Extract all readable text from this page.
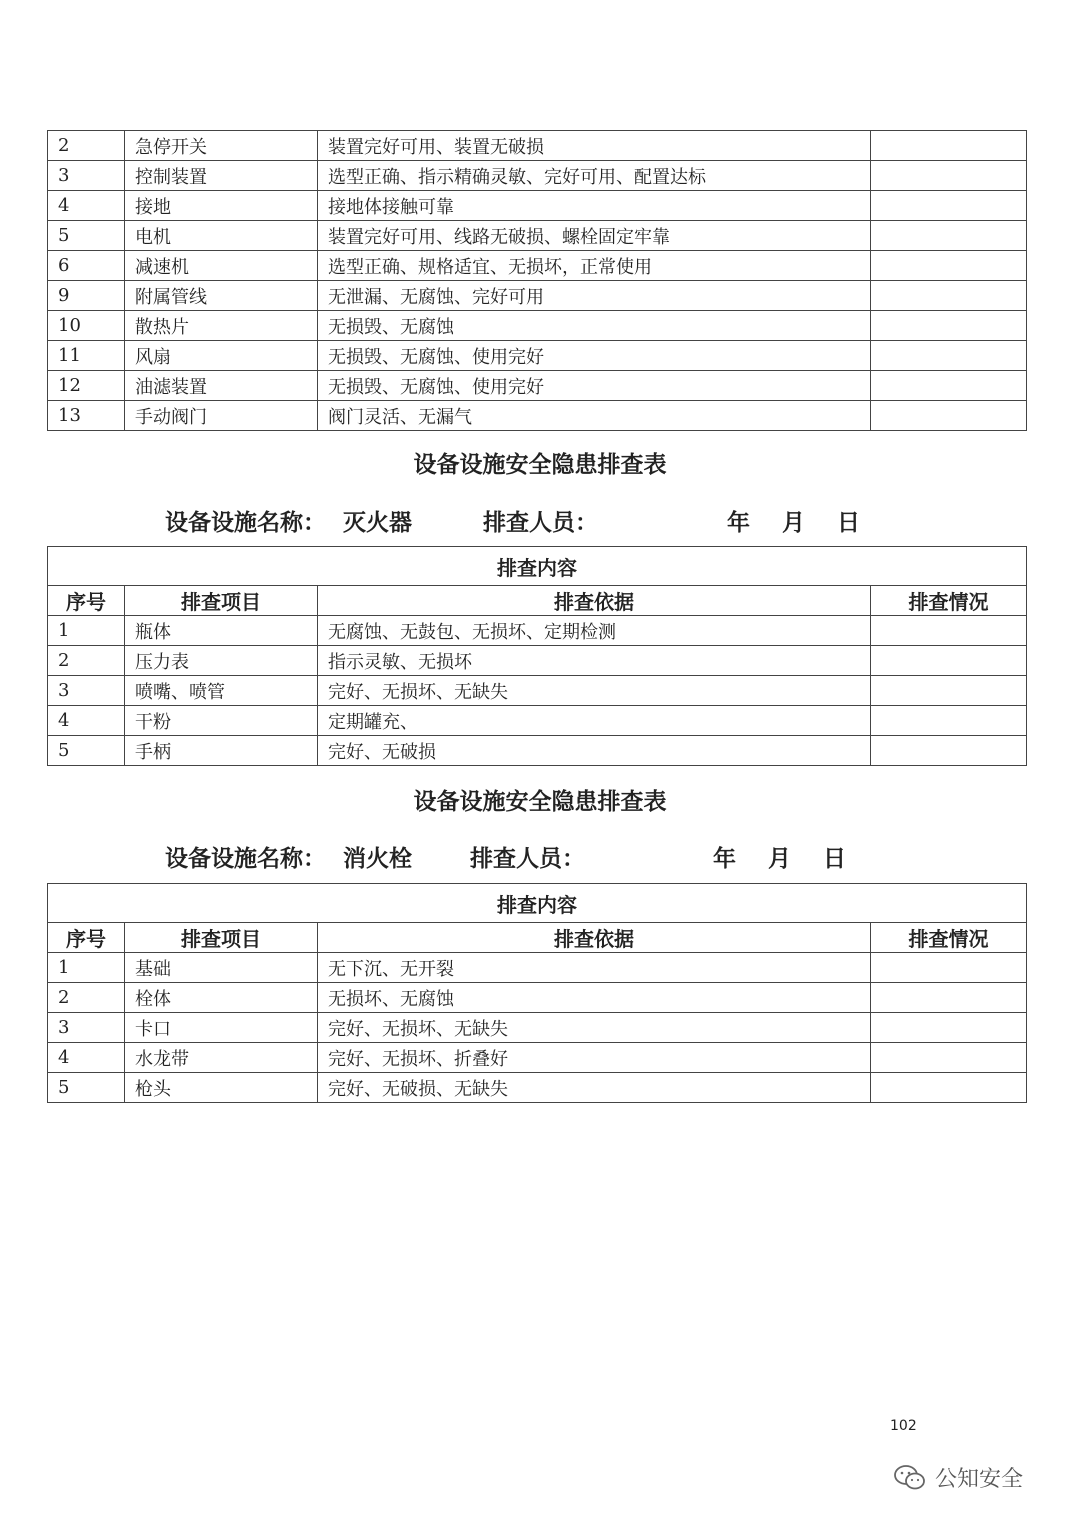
2	急停开关	装置完好可用、装置无破损	
3	控制装置	选型正确、指示精确灵敏、完好可用、配置达标	
4	接地	接地体接触可靠	
5	电机	装置完好可用、线路无破损、螺栓固定牢靠	
6	减速机	选型正确、规格适宜、无损坏，正常使用	
9	附属管线	无泄漏、无腐蚀、完好可用	
10	散热片	无损毁、无腐蚀	
11	风扇	无损毁、无腐蚀、使用完好	
12	油滤装置	无损毁、无腐蚀、使用完好	
13	手动阀门	阀门灵活、无漏气	
设备设施安全隐患排查表
设备设施名称： 灭火器	排查人员：	年    月    日
排查内容			
序号	排查项目	排查依据	排查情况
1	瓶体	无腐蚀、无鼓包、无损坏、定期检测	
2	压力表	指示灵敏、无损坏	
3	喷嘴、喷管	完好、无损坏、无缺失	
4	干粉	定期罐充、	
5	手柄	完好、无破损	
设备设施安全隐患排查表
设备设施名称： 消火栓	排查人员：	年    月    日
排查内容			
序号	排查项目	排查依据	排查情况
1	基础	无下沉、无开裂	
2	栓体	无损坏、无腐蚀	
3	卡口	完好、无损坏、无缺失	
4	水龙带	完好、无损坏、折叠好	
5	枪头	完好、无破损、无缺失	
102
公知安全
